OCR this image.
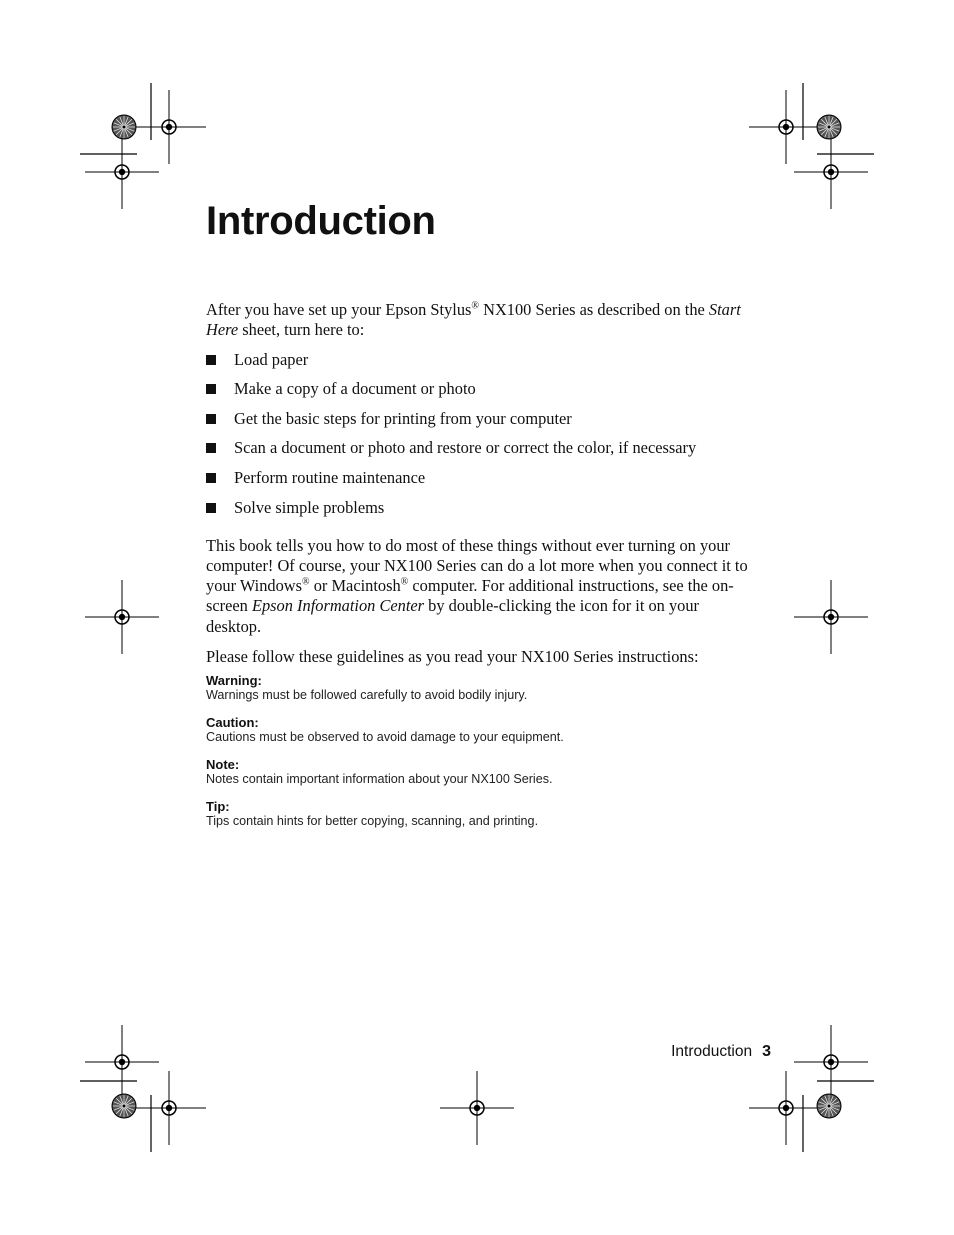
Introduction

After you have set up your Epson Stylus® NX100 Series as described on the Start Here sheet, turn here to:

Load paper
Make a copy of a document or photo
Get the basic steps for printing from your computer
Scan a document or photo and restore or correct the color, if necessary
Perform routine maintenance
Solve simple problems

This book tells you how to do most of these things without ever turning on your computer! Of course, your NX100 Series can do a lot more when you connect it to your Windows® or Macintosh® computer. For additional instructions, see the on-screen Epson Information Center by double-clicking the icon for it on your desktop.

Please follow these guidelines as you read your NX100 Series instructions:

Warning:
Warnings must be followed carefully to avoid bodily injury.
Caution:
Cautions must be observed to avoid damage to your equipment.
Note:
Notes contain important information about your NX100 Series.
Tip:
Tips contain hints for better copying, scanning, and printing.
Introduction 3
